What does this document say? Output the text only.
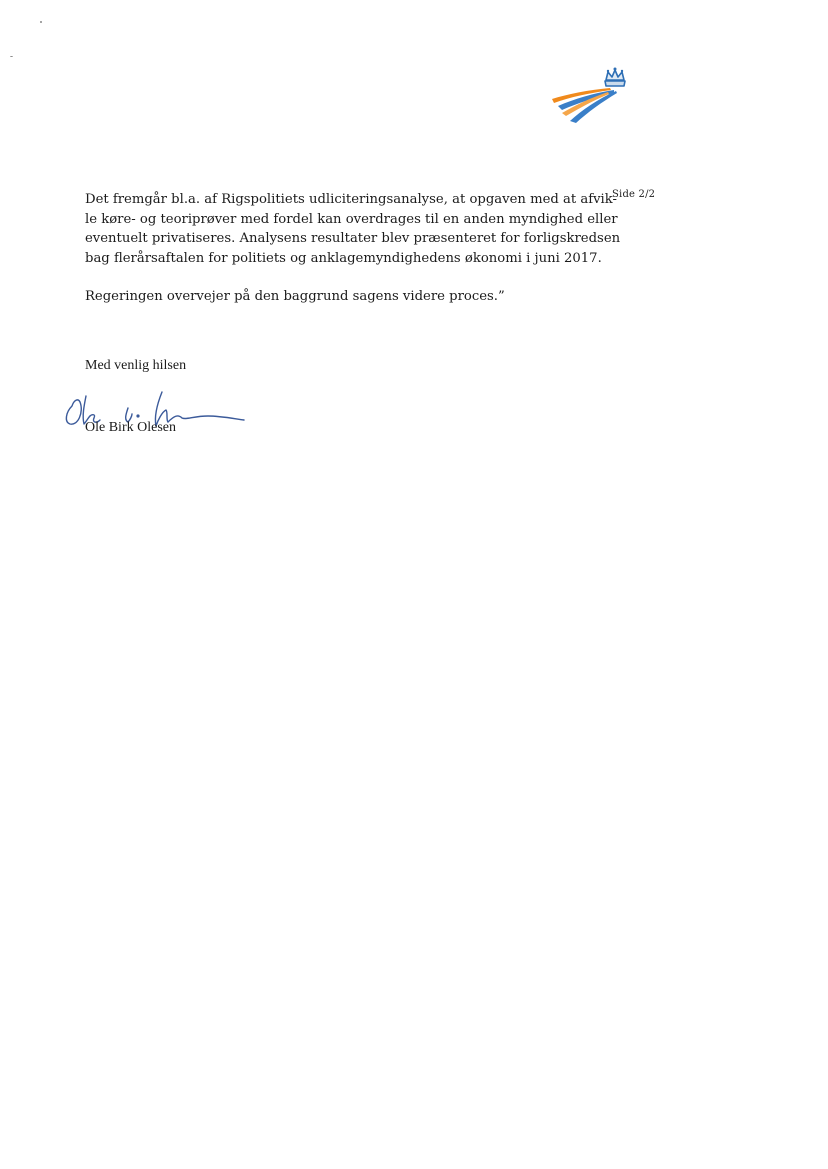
Side 2/2

Det fremgår bl.a. af Rigspolitiets udliciteringsanalyse, at opgaven med at afvik-
le køre- og teoriprøver med fordel kan overdrages til en anden myndighed eller
eventuelt privatiseres. Analysens resultater blev præsenteret for forligskredsen
bag flerårsaftalen for politiets og anklagemyndighedens økonomi i juni 2017.

Regeringen overvejer på den baggrund sagens videre proces.”

Med venlig hilsen
Ole Birk Olesen
